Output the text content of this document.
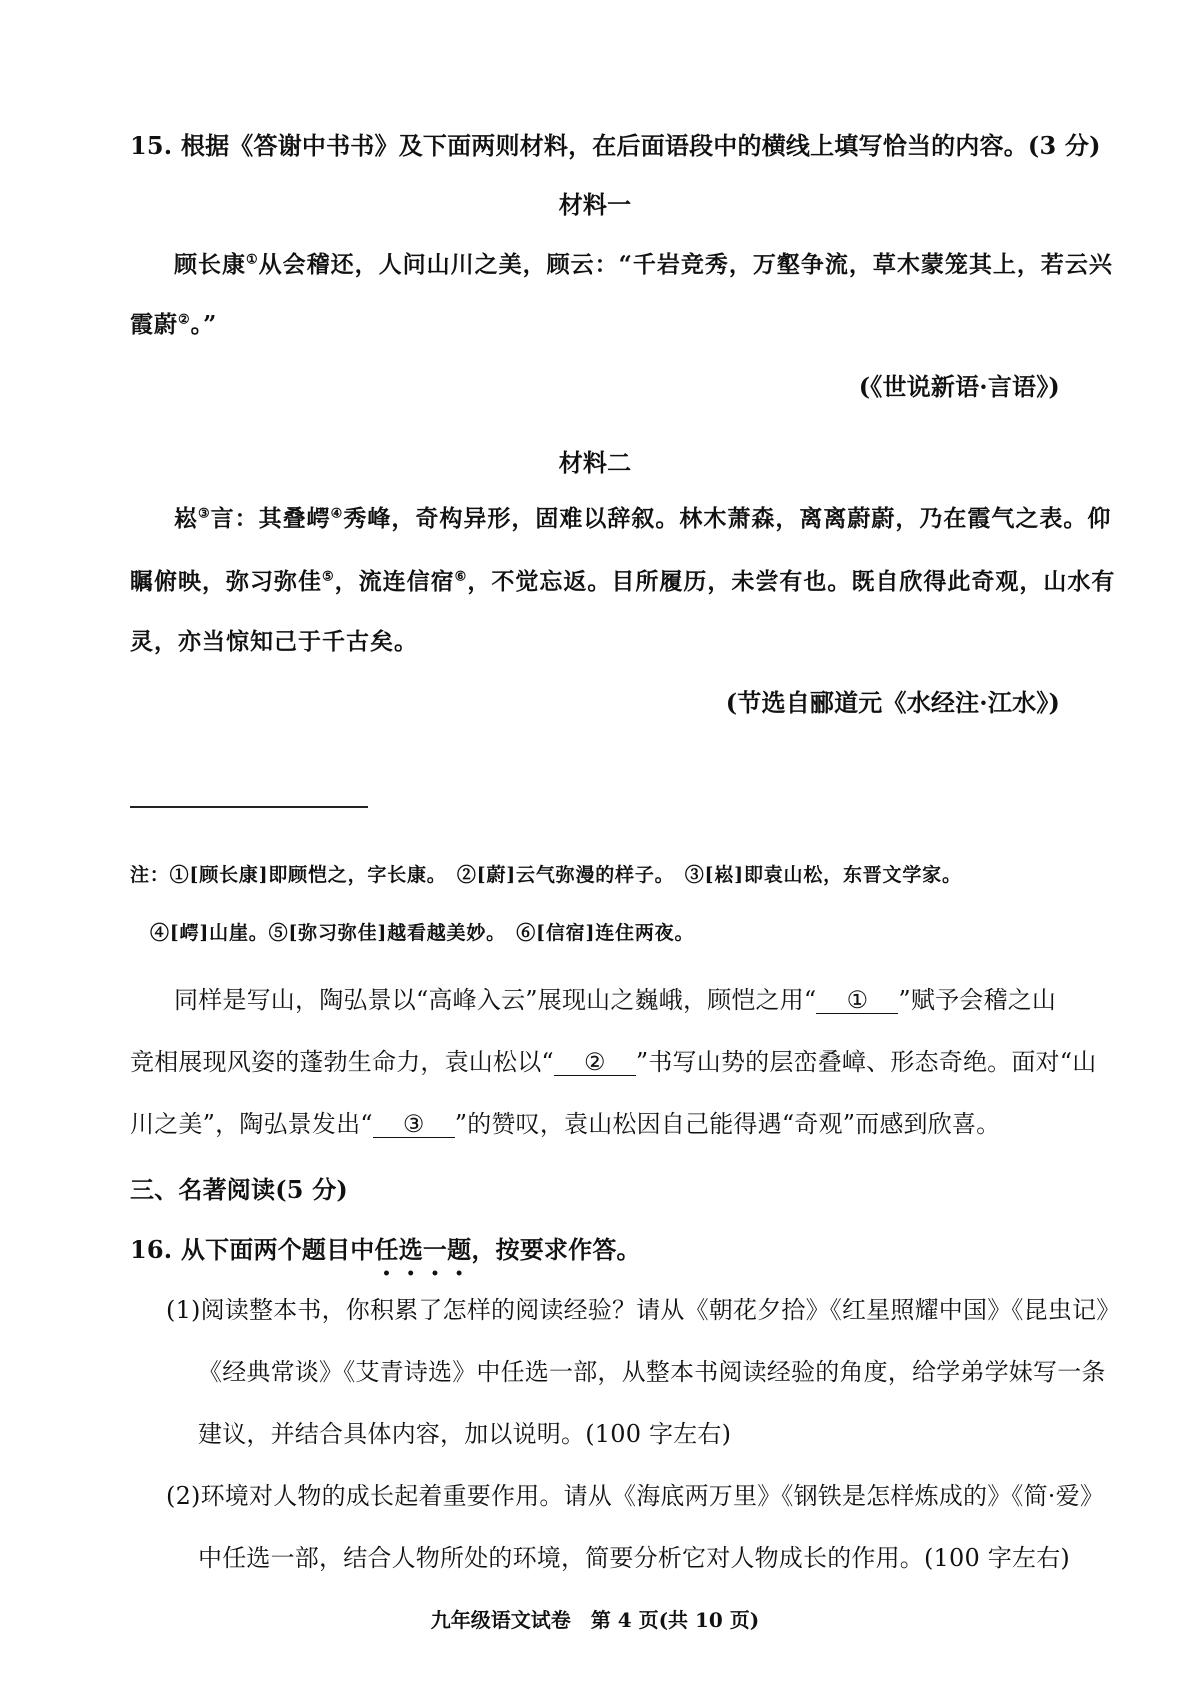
15. 根据《答谢中书书》及下面两则材料，在后面语段中的横线上填写恰当的内容。(3 分)

材料一

顾长康①从会稽还，人问山川之美，顾云：“千岩竞秀，万壑争流，草木蒙笼其上，若云兴

霞蔚②。”

(《世说新语·言语》)

材料二

崧③言：其叠崿④秀峰，奇构异形，固难以辞叙。林木萧森，离离蔚蔚，乃在霞气之表。仰

瞩俯映，弥习弥佳⑤，流连信宿⑥，不觉忘返。目所履历，未尝有也。既自欣得此奇观，山水有

灵，亦当惊知己于千古矣。

(节选自郦道元《水经注·江水》)

注：①[顾长康]即顾恺之，字长康。　②[蔚]云气弥漫的样子。　③[崧]即袁山松，东晋文学家。

④[崿]山崖。⑤[弥习弥佳]越看越美妙。　⑥[信宿]连住两夜。

同样是写山，陶弘景以“高峰入云”展现山之巍峨，顾恺之用“ ① ”赋予会稽之山

竞相展现风姿的蓬勃生命力，袁山松以“ ② ”书写山势的层峦叠嶂、形态奇绝。面对“山

川之美”，陶弘景发出“ ③ ”的赞叹，袁山松因自己能得遇“奇观”而感到欣喜。

三、名著阅读(5 分)

16. 从下面两个题目中任选一题，按要求作答。

(1)阅读整本书，你积累了怎样的阅读经验？请从《朝花夕拾》《红星照耀中国》《昆虫记》

《经典常谈》《艾青诗选》中任选一部，从整本书阅读经验的角度，给学弟学妹写一条

建议，并结合具体内容，加以说明。(100 字左右)

(2)环境对人物的成长起着重要作用。请从《海底两万里》《钢铁是怎样炼成的》《简·爱》

中任选一部，结合人物所处的环境，简要分析它对人物成长的作用。(100 字左右)

九年级语文试卷　第 4 页(共 10 页)
